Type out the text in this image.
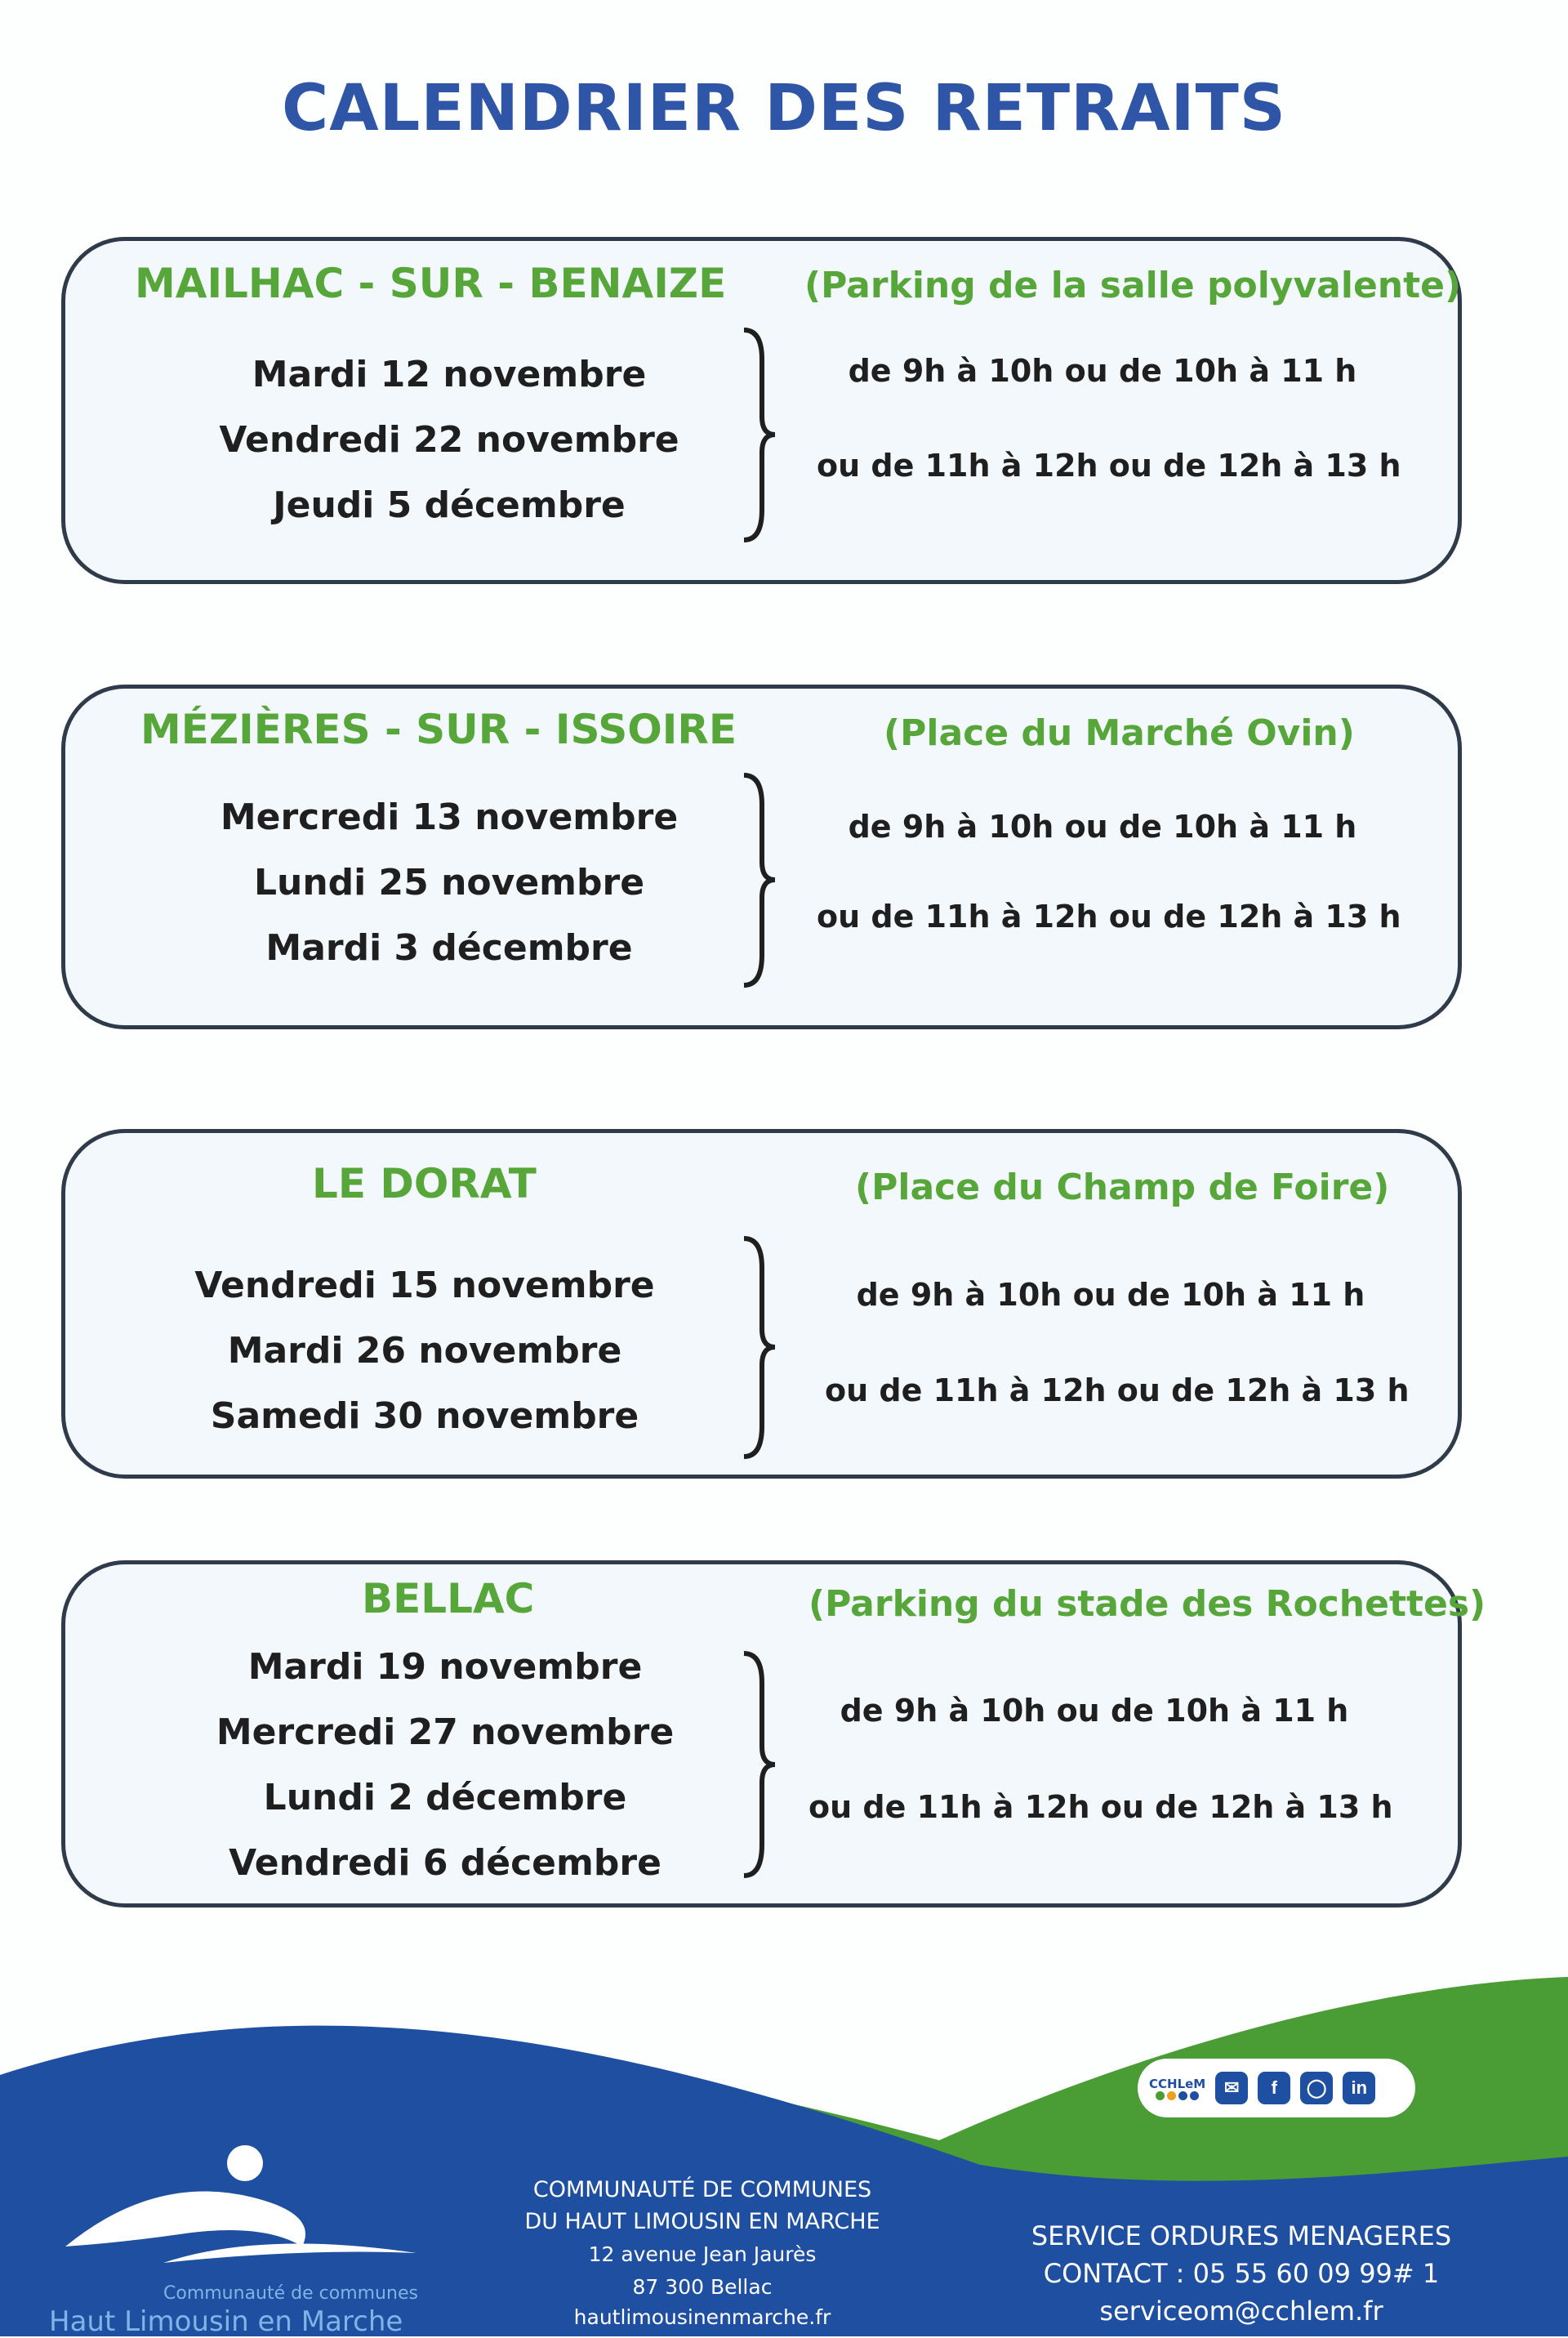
CALENDRIER DES RETRAITS
MAILHAC - SUR - BENAIZE (Parking de la salle polyvalente)
Mardi 12 novembre
Vendredi 22 novembre
Jeudi 5 décembre
de 9h à 10h ou de 10h à 11 h
ou de 11h à 12h ou de 12h à 13 h
MÉZIÈRES - SUR - ISSOIRE	(Place du Marché Ovin)
Mercredi 13 novembre
Lundi 25 novembre
Mardi 3 décembre
de 9h à 10h ou de 10h à 11 h
ou de 11h à 12h ou de 12h à 13 h
LE DORAT	(Place du Champ de Foire)
Vendredi 15 novembre
Mardi 26 novembre
Samedi 30 novembre
de 9h à 10h ou de 10h à 11 h
ou de 11h à 12h ou de 12h à 13 h
BELLAC	(Parking du stade des Rochettes)
Mardi 19 novembre
Mercredi 27 novembre
Lundi 2 décembre
Vendredi 6 décembre
de 9h à 10h ou de 10h à 11 h
ou de 11h à 12h ou de 12h à 13 h
Communauté de communes
Haut Limousin en Marche
COMMUNAUTÉ DE COMMUNES
DU HAUT LIMOUSIN EN MARCHE
12 avenue Jean Jaurès
87 300 Bellac
hautlimousinenmarche.fr
SERVICE ORDURES MENAGERES
CONTACT : 05 55 60 09 99# 1
serviceom@cchlem.fr
CCHLeM	✉	f	◯	in
